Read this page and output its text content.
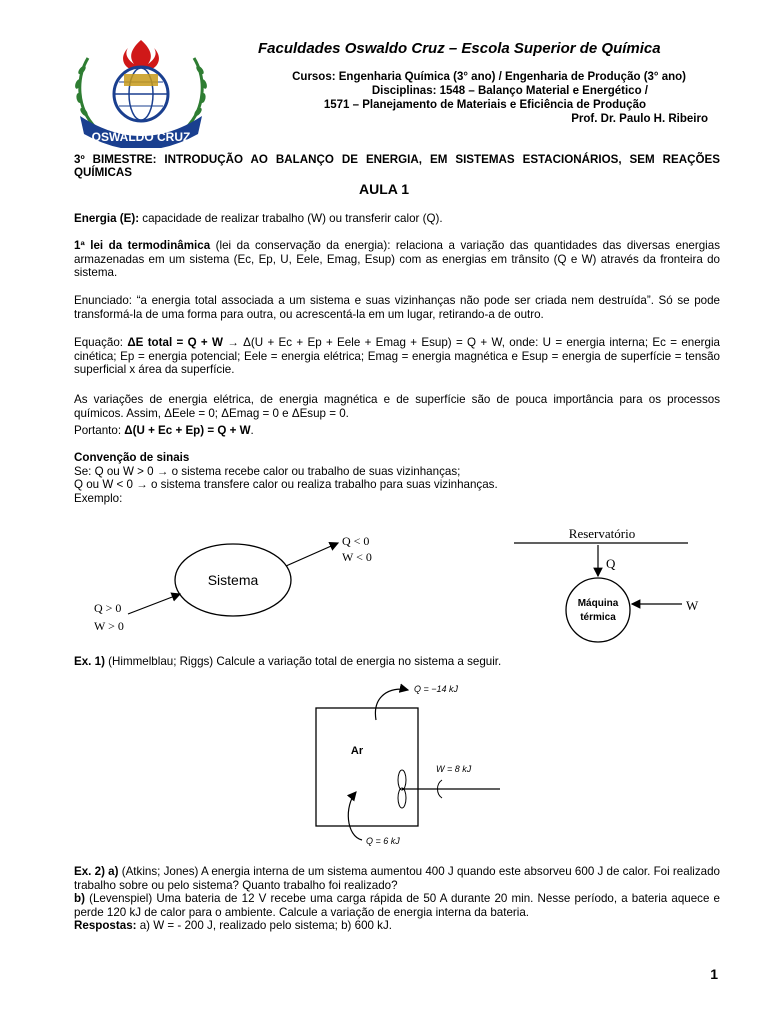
OSWALDO CRUZ
Faculdades Oswaldo Cruz – Escola Superior de Química
Cursos: Engenharia Química (3° ano) / Engenharia de Produção (3° ano)
Disciplinas: 1548 – Balanço Material e Energético /
1571 – Planejamento de Materiais e Eficiência de Produção
Prof. Dr. Paulo H. Ribeiro
3º BIMESTRE: INTRODUÇÃO AO BALANÇO DE ENERGIA, EM SISTEMAS ESTACIONÁRIOS, SEM REAÇÕES QUÍMICAS
AULA 1

Energia (E): capacidade de realizar trabalho (W) ou transferir calor (Q).

1ª lei da termodinâmica (lei da conservação da energia): relaciona a variação das quantidades das diversas energias armazenadas em um sistema (Ec, Ep, U, Eele, Emag, Esup) com as energias em trânsito (Q e W) através da fronteira do sistema.

Enunciado: “a energia total associada a um sistema e suas vizinhanças não pode ser criada nem destruída”. Só se pode transformá-la de uma forma para outra, ou acrescentá-la em um lugar, retirando-a de outro.

Equação: ΔE total = Q + W → Δ(U + Ec + Ep + Eele + Emag + Esup) = Q + W, onde: U = energia interna; Ec = energia cinética; Ep = energia potencial; Eele = energia elétrica; Emag = energia magnética e Esup = energia de superfície = tensão superficial x área da superfície.

As variações de energia elétrica, de energia magnética e de superfície são de pouca importância para os processos químicos. Assim, ΔEele = 0; ΔEmag = 0 e ΔEsup = 0.

Portanto: Δ(U + Ec + Ep) = Q + W.

Convenção de sinais
Se: Q ou W > 0 → o sistema recebe calor ou trabalho de suas vizinhanças;
Q ou W < 0 → o sistema transfere calor ou realiza trabalho para suas vizinhanças.
Exemplo:
Sistema
Q < 0
W < 0
Q > 0
W > 0
Reservatório
Q
Máquina
térmica
W

Ex. 1) (Himmelblau; Riggs) Calcule a variação total de energia no sistema a seguir.

Ar
Q = −14 kJ
Q = 6 kJ
W = 8 kJ
Ex. 2) a) (Atkins; Jones) A energia interna de um sistema aumentou 400 J quando este absorveu 600 J de calor. Foi realizado trabalho sobre ou pelo sistema? Quanto trabalho foi realizado?
b) (Levenspiel) Uma bateria de 12 V recebe uma carga rápida de 50 A durante 20 min. Nesse período, a bateria aquece e perde 120 kJ de calor para o ambiente. Calcule a variação de energia interna da bateria.
Respostas: a) W = - 200 J, realizado pelo sistema; b) 600 kJ.
1
